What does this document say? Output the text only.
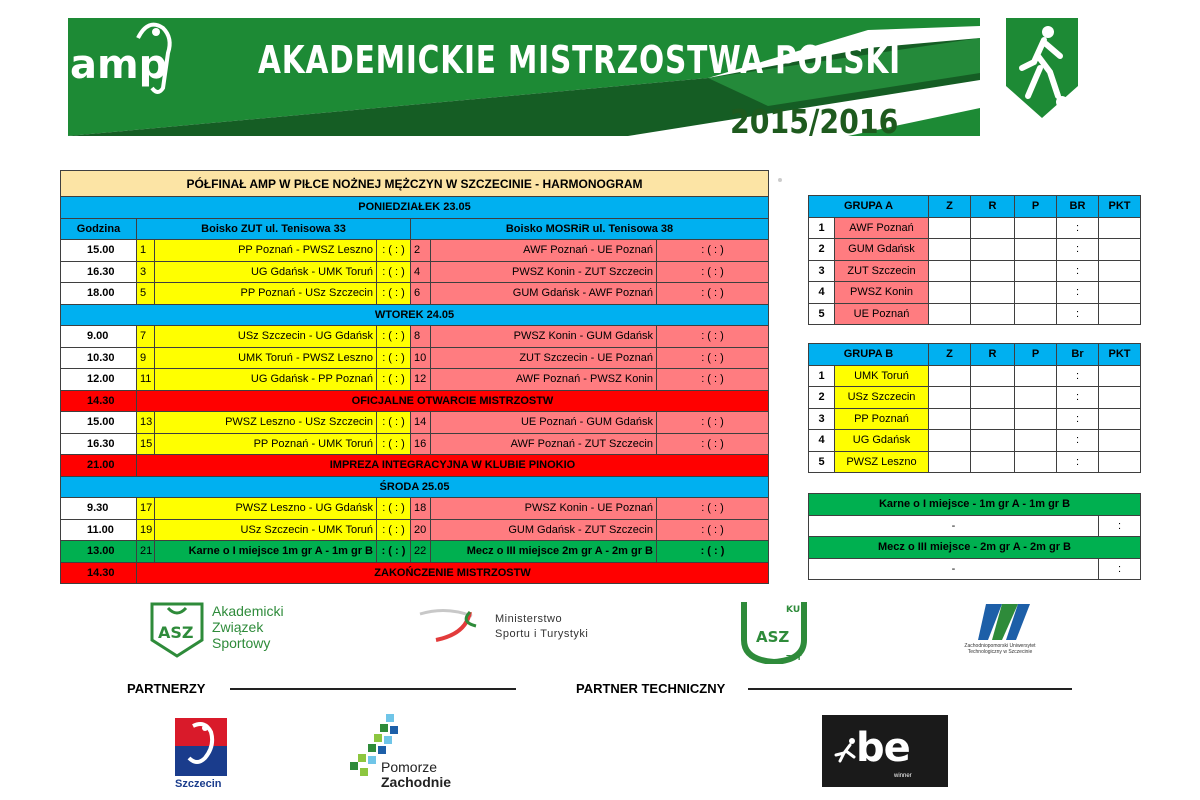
AKADEMICKIE MISTRZOSTWA POLSKI
2015/2016
amp
PÓŁFINAŁ AMP W PIŁCE NOŻNEJ MĘŻCZYN W SZCZECINIE - HARMONOGRAM						
PONIEDZIAŁEK 23.05						
Godzina	Boisko ZUT ul. Tenisowa 33			Boisko MOSRiR ul. Tenisowa 38		
15.00	1	PP Poznań - PWSZ Leszno	: ( : )	2	AWF Poznań - UE Poznań	: ( : )
16.30	3	UG Gdańsk - UMK Toruń	: ( : )	4	PWSZ Konin - ZUT Szczecin	: ( : )
18.00	5	PP Poznań - USz Szczecin	: ( : )	6	GUM Gdańsk - AWF Poznań	: ( : )
WTOREK 24.05						
9.00	7	USz Szczecin - UG Gdańsk	: ( : )	8	PWSZ Konin - GUM Gdańsk	: ( : )
10.30	9	UMK Toruń - PWSZ Leszno	: ( : )	10	ZUT Szczecin - UE Poznań	: ( : )
12.00	11	UG Gdańsk - PP Poznań	: ( : )	12	AWF Poznań - PWSZ Konin	: ( : )
14.30	OFICJALNE OTWARCIE MISTRZOSTW					
15.00	13	PWSZ Leszno - USz Szczecin	: ( : )	14	UE Poznań - GUM Gdańsk	: ( : )
16.30	15	PP Poznań - UMK Toruń	: ( : )	16	AWF Poznań - ZUT Szczecin	: ( : )
21.00	IMPREZA INTEGRACYJNA W KLUBIE PINOKIO					
ŚRODA 25.05						
9.30	17	PWSZ Leszno - UG Gdańsk	: ( : )	18	PWSZ Konin - UE Poznań	: ( : )
11.00	19	USz Szczecin - UMK Toruń	: ( : )	20	GUM Gdańsk - ZUT Szczecin	: ( : )
13.00	21	Karne o I miejsce 1m gr A - 1m gr B	: ( : )	22	Mecz o III miejsce 2m gr A - 2m gr B	: ( : )
14.30	ZAKOŃCZENIE MISTRZOSTW					
GRUPA A		Z	R	P	BR	PKT
1	AWF Poznań				:	
2	GUM Gdańsk				:	
3	ZUT Szczecin				:	
4	PWSZ Konin				:	
5	UE Poznań				:	
GRUPA B		Z	R	P	Br	PKT
1	UMK Toruń				:	
2	USz Szczecin				:	
3	PP Poznań				:	
4	UG Gdańsk				:	
5	PWSZ Leszno				:	
Karne o I miejsce - 1m gr A - 1m gr B	
-	:
Mecz o III miejsce - 2m gr A - 2m gr B	
-	:
ASZ
Akademicki
Związek
Sportowy
Ministerstwo
Sportu i Turystyki
KU
ASZ
ZUT
Zachodniopomorski Uniwersytet Technologiczny w Szczecinie
PARTNERZY	PARTNER TECHNICZNY
Szczecin
Pomorze
Zachodnie
be
winner
